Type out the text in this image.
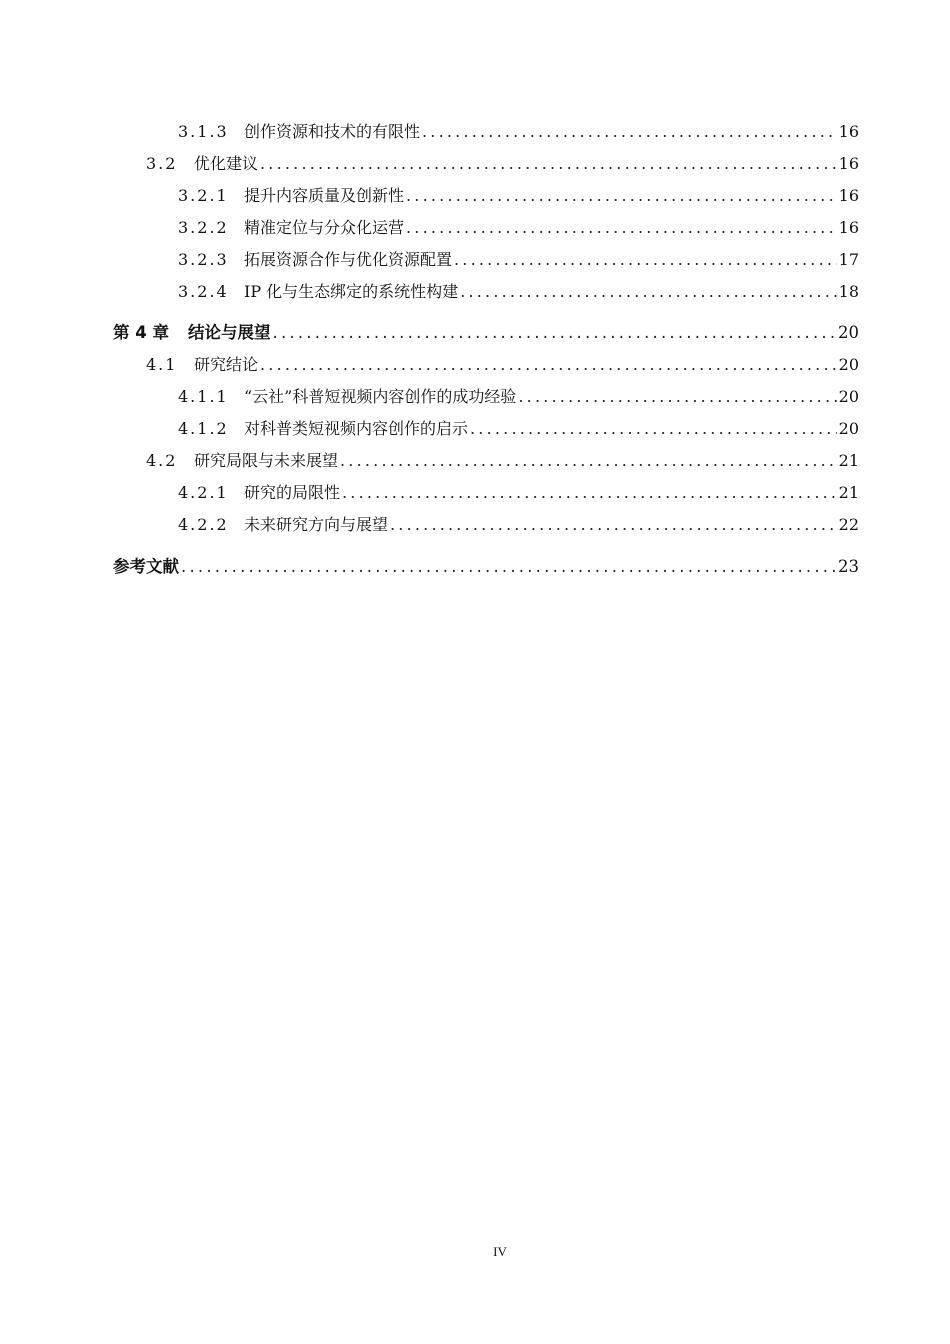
3.1.3 创作资源和技术的有限性 .....	16
3.2	优化建议 .....	16
3.2.1 提升内容质量及创新性 .....	16
3.2.2 精准定位与分众化运营 .....	16
3.2.3 拓展资源合作与优化资源配置 .....	17
3.2.4 IP 化与生态绑定的系统性构建 .....	18
第 4 章	结论与展望 .....	20
4.1	研究结论 .....	20
4.1.1 “云社”科普短视频内容创作的成功经验 .....	20
4.1.2 对科普类短视频内容创作的启示 .....	20
4.2	研究局限与未来展望 .....	21
4.2.1 研究的局限性 .....	21
4.2.2 未来研究方向与展望 .....	22
参考文献 .....	23
IV
